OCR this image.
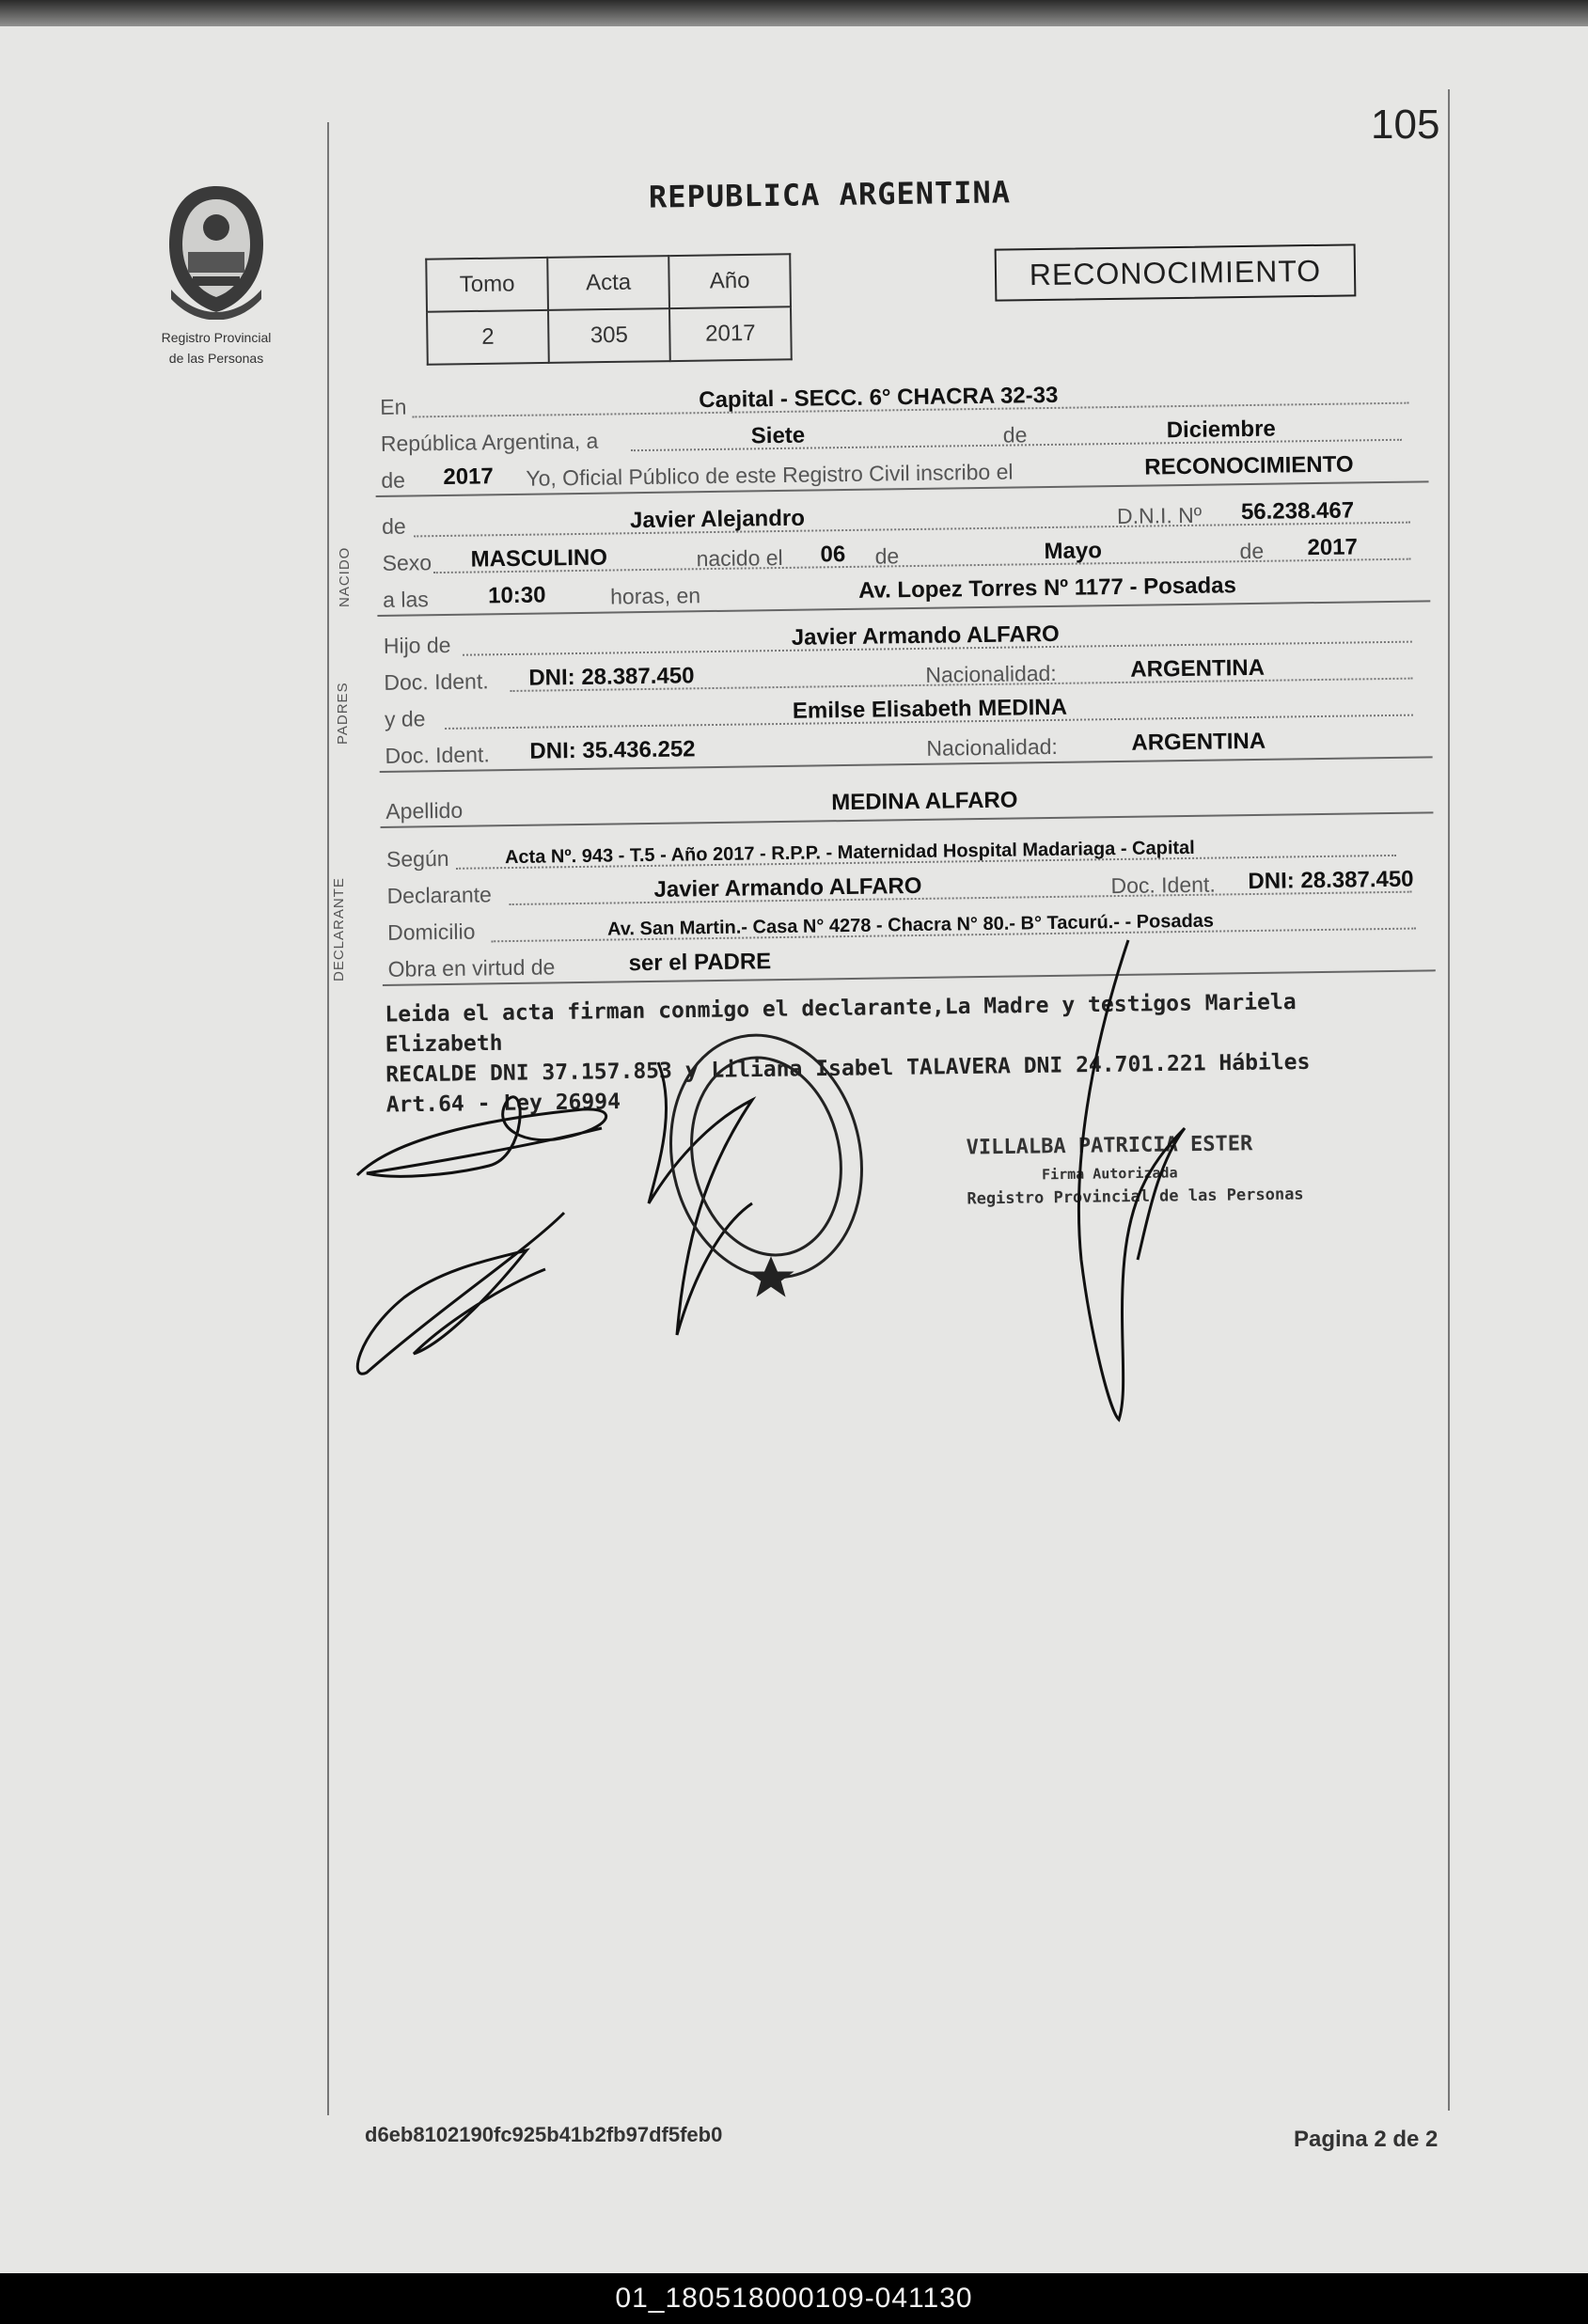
105
Registro Provincial
de las Personas
REPUBLICA ARGENTINA
Tomo	Acta	Año
2	305	2017
RECONOCIMIENTO
NACIDO
PADRES
DECLARANTE
En	Capital - SECC. 6° CHACRA 32-33
República Argentina, a	Siete	de	Diciembre
de 2017 Yo, Oficial Público de este Registro Civil inscribo el	RECONOCIMIENTO
de	Javier Alejandro	D.N.I. Nº 56.238.467
Sexo MASCULINO	nacido el 06 de	Mayo	de 2017
a las	10:30	horas, en	Av. Lopez Torres Nº 1177 - Posadas
Hijo de	Javier Armando ALFARO
Doc. Ident. DNI: 28.387.450	Nacionalidad:	ARGENTINA
y de	Emilse Elisabeth MEDINA
Doc. Ident. DNI: 35.436.252	Nacionalidad:	ARGENTINA
Apellido	MEDINA ALFARO
Según	Acta Nº. 943 - T.5 - Año 2017 - R.P.P. - Maternidad Hospital Madariaga - Capital
Declarante	Javier Armando ALFARO	Doc. Ident. DNI: 28.387.450
Domicilio	Av. San Martin.- Casa N° 4278 - Chacra N° 80.- B° Tacurú.- - Posadas
Obra en virtud de	ser el PADRE
Leida el acta firman conmigo el declarante,La Madre y testigos Mariela Elizabeth
RECALDE DNI 37.157.853 y Liliana Isabel TALAVERA DNI 24.701.221 Hábiles
Art.64 - Ley 26994
VILLALBA PATRICIA ESTER
Firma Autorizada
Registro Provincial de las Personas
d6eb8102190fc925b41b2fb97df5feb0	Pagina 2 de 2
01_180518000109-041130
